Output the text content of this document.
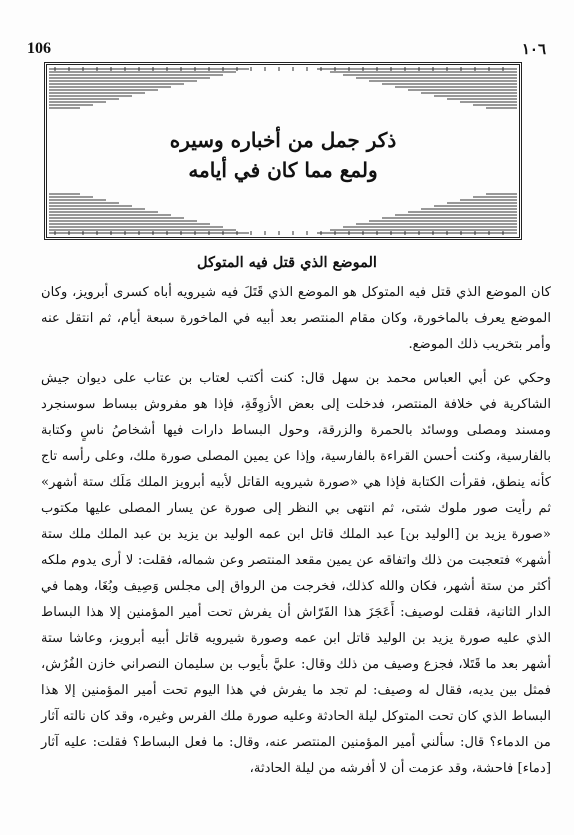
106	١٠٦
ذكر جمل من أخباره وسيره
ولمع مما كان في أيامه
الموضع الذي قتل فيه المتوكل

كان الموضع الذي قتل فيه المتوكل هو الموضع الذي قَتَلَ فيه شيرويه أباه كسرى أبرويز، وكان الموضع يعرف بالماخورة، وكان مقام المنتصر بعد أبيه في الماخورة سبعة أيام، ثم انتقل عنه وأمر بتخريب ذلك الموضع.

وحكي عن أبي العباس محمد بن سهل قال: كنت أكتب لعتاب بن عتاب على ديوان جيش الشاكرية في خلافة المنتصر، فدخلت إلى بعض الأزوِقَةِ، فإذا هو مفروش ببساط سوسنجرد ومسند ومصلى ووسائد بالحمرة والزرقة، وحول البساط دارات فيها أشخاصُ ناسٍ وكتابة بالفارسية، وكنت أحسن القراءة بالفارسية، وإذا عن يمين المصلى صورة ملك، وعلى رأسه تاج كأنه ينطق، فقرأت الكتابة فإذا هي «صورة شيرويه القاتل لأبيه أبرويز الملك مَلَك ستة أشهر» ثم رأيت صور ملوك شتى، ثم انتهى بي النظر إلى صورة عن يسار المصلى عليها مكتوب «صورة يزيد بن [الوليد بن] عبد الملك قاتل ابن عمه الوليد بن يزيد بن عبد الملك ملك ستة أشهر» فتعجبت من ذلك واتفاقه عن يمين مقعد المنتصر وعن شماله، فقلت: لا أرى يدوم ملكه أكثر من ستة أشهر، فكان والله كذلك، فخرجت من الرواق إلى مجلس وَصِيف وبُغَا، وهما في الدار الثانية، فقلت لوصيف: أَعَجَزَ هذا الفَرّاش أن يفرش تحت أمير المؤمنين إلا هذا البساط الذي عليه صورة يزيد بن الوليد قاتل ابن عمه وصورة شيرويه قاتل أبيه أبرويز، وعاشا ستة أشهر بعد ما قَتَلا، فجزع وصيف من ذلك وقال: عليَّ بأيوب بن سليمان النصراني خازن الفُرُش، فمثل بين يديه، فقال له وصيف: لم تجد ما يفرش في هذا اليوم تحت أمير المؤمنين إلا هذا البساط الذي كان تحت المتوكل ليلة الحادثة وعليه صورة ملك الفرس وغيره، وقد كان نالته آثار من الدماء؟ قال: سألني أمير المؤمنين المنتصر عنه، وقال: ما فعل البساط؟ فقلت: عليه آثار [دماء] فاحشة، وقد عزمت أن لا أفرشه من ليلة الحادثة،
